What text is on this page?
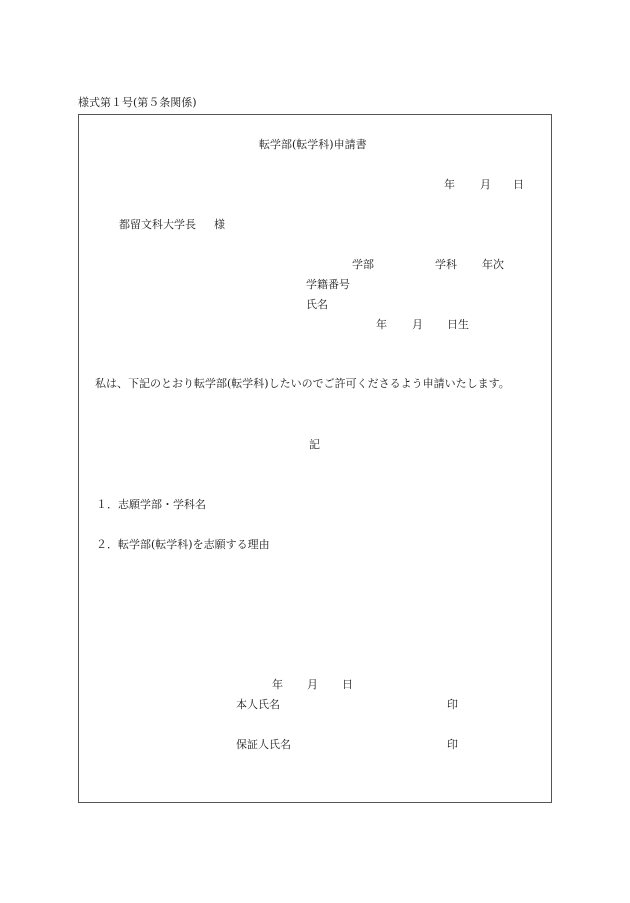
様式第１号(第５条関係)
転学部(転学科)申請書
年 月 日
都留文科大学長 様
学部	学科 年次
学籍番号
氏名
年 月 日生
私は、下記のとおり転学部(転学科)したいのでご許可くださるよう申請いたします。
記
１．志願学部・学科名
２．転学部(転学科)を志願する理由
年 月 日
本人氏名	印
保証人氏名	印
